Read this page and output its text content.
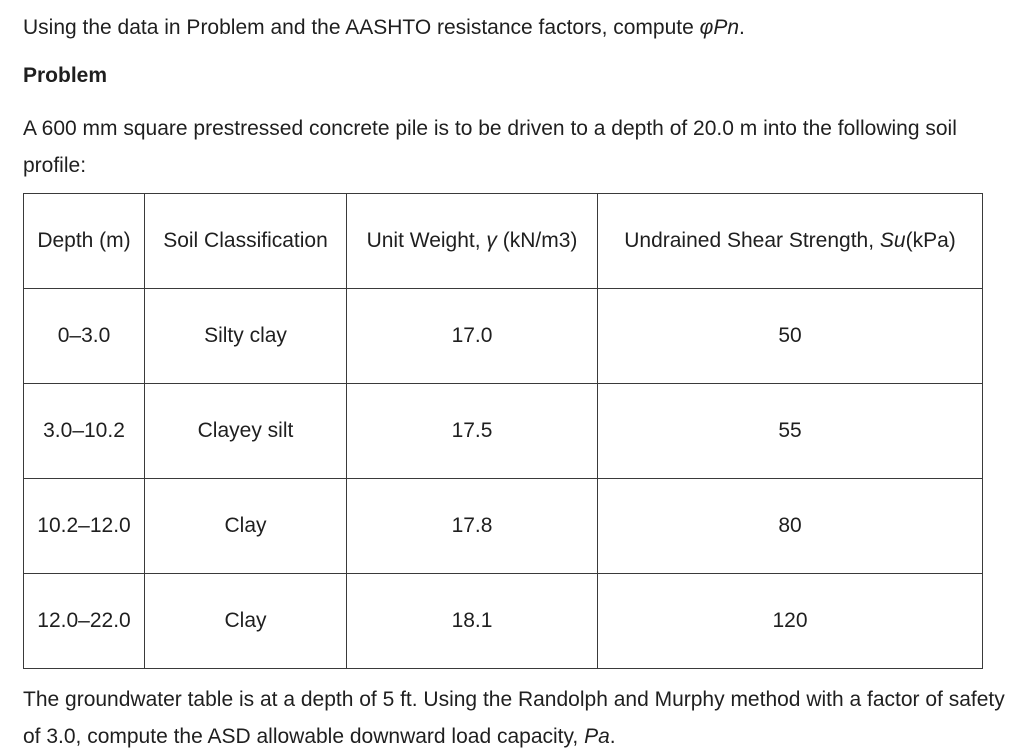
Using the data in Problem and the AASHTO resistance factors, compute φPn.
Problem
A 600 mm square prestressed concrete pile is to be driven to a depth of 20.0 m into the following soil profile:
Depth (m)	Soil Classification	Unit Weight, γ (kN/m3)	Undrained Shear Strength, Su(kPa)
0–3.0	Silty clay	17.0	50
3.0–10.2	Clayey silt	17.5	55
10.2–12.0	Clay	17.8	80
12.0–22.0	Clay	18.1	120
The groundwater table is at a depth of 5 ft. Using the Randolph and Murphy method with a factor of safety of 3.0, compute the ASD allowable downward load capacity, Pa.
